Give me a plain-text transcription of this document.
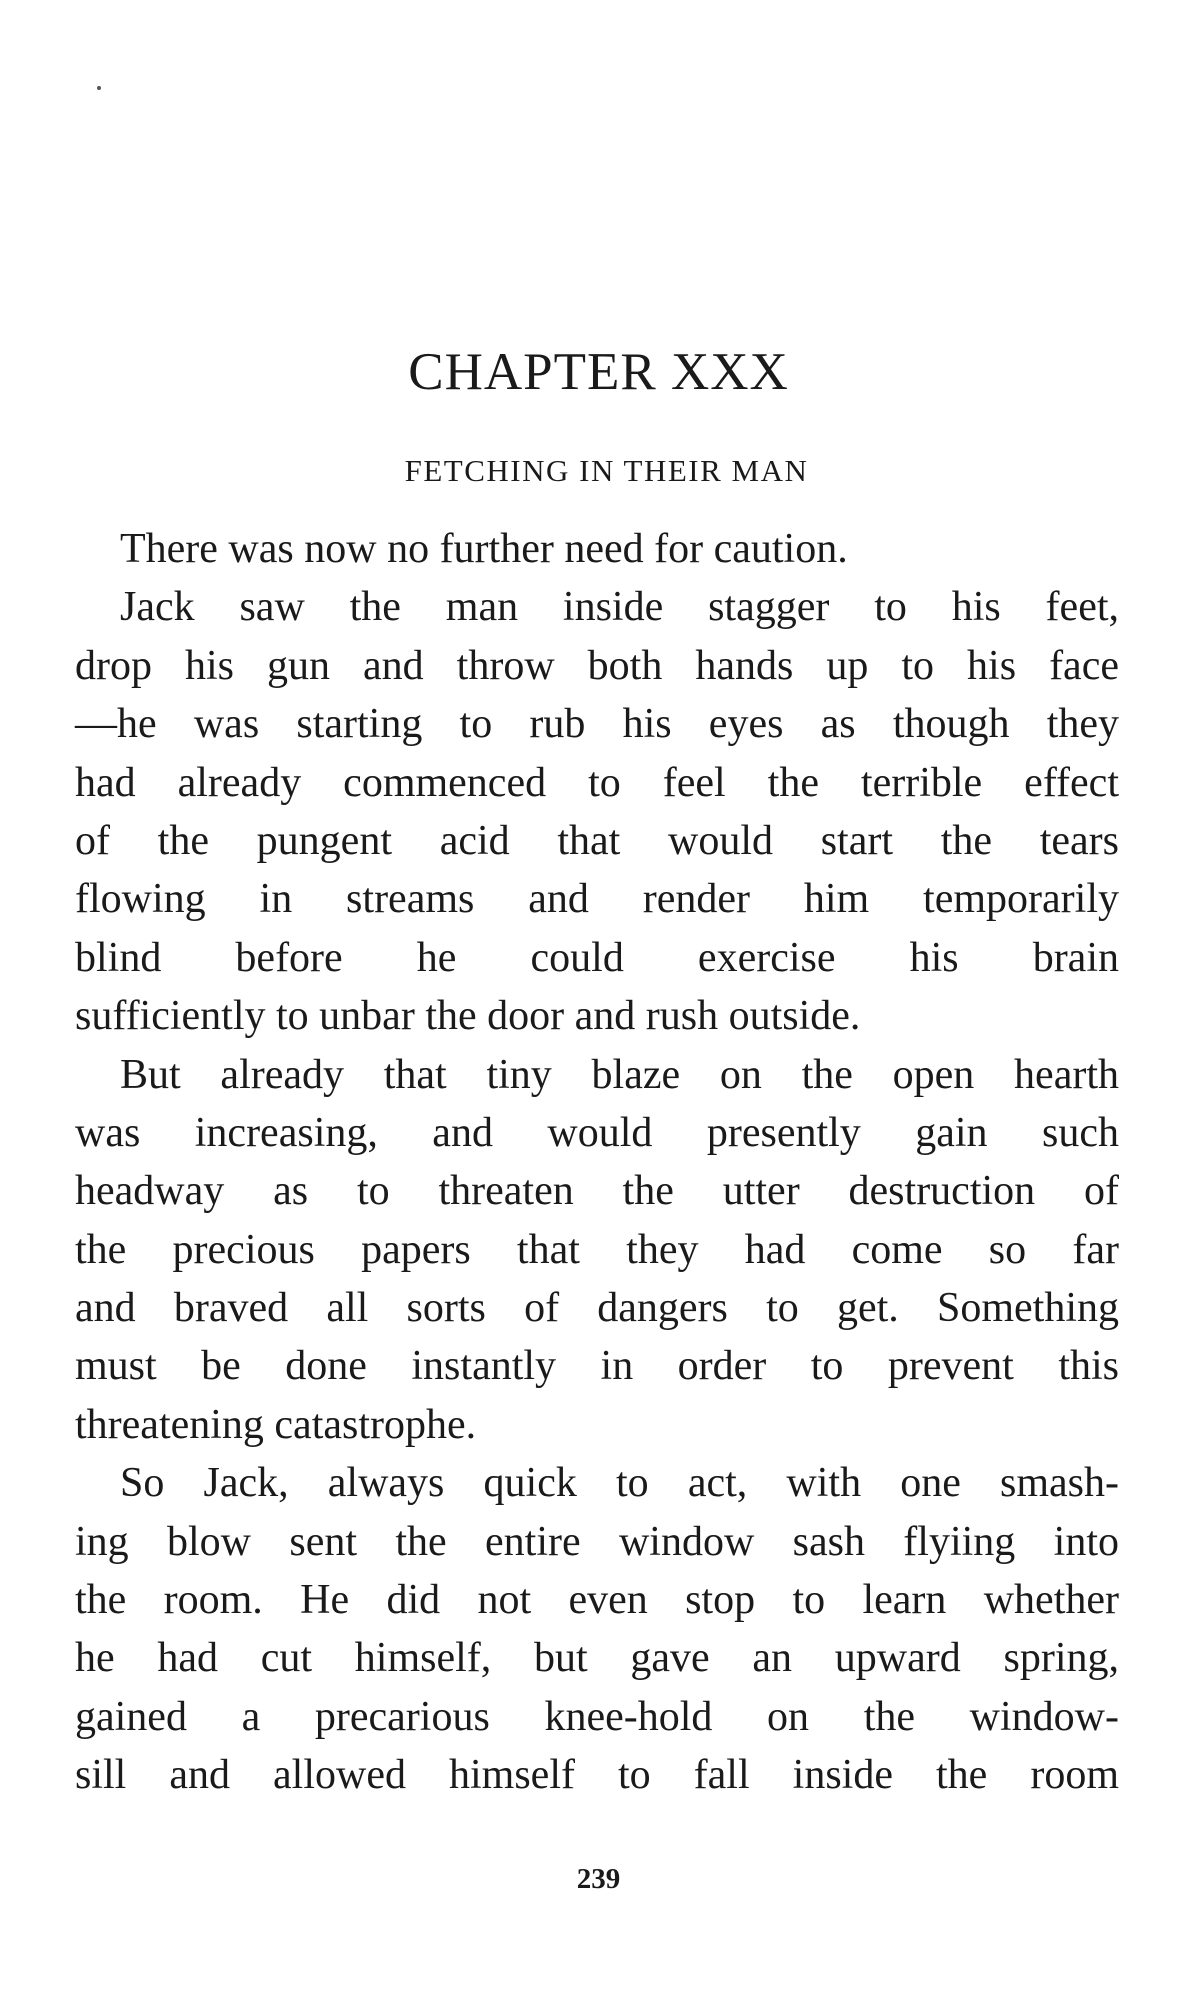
CHAPTER XXX
FETCHING IN THEIR MAN

There was now no further need for caution.

Jack saw the man inside stagger to his feet,
drop his gun and throw both hands up to his face
—he was starting to rub his eyes as though they
had already commenced to feel the terrible effect
of the pungent acid that would start the tears
flowing in streams and render him temporarily
blind before he could exercise his brain
sufficiently to unbar the door and rush outside.

But already that tiny blaze on the open hearth
was increasing, and would presently gain such
headway as to threaten the utter destruction of
the precious papers that they had come so far
and braved all sorts of dangers to get. Something
must be done instantly in order to prevent this
threatening catastrophe.

So Jack, always quick to act, with one smash-
ing blow sent the entire window sash flyiing into
the room. He did not even stop to learn whether
he had cut himself, but gave an upward spring,
gained a precarious knee-hold on the window-
sill and allowed himself to fall inside the room

239
